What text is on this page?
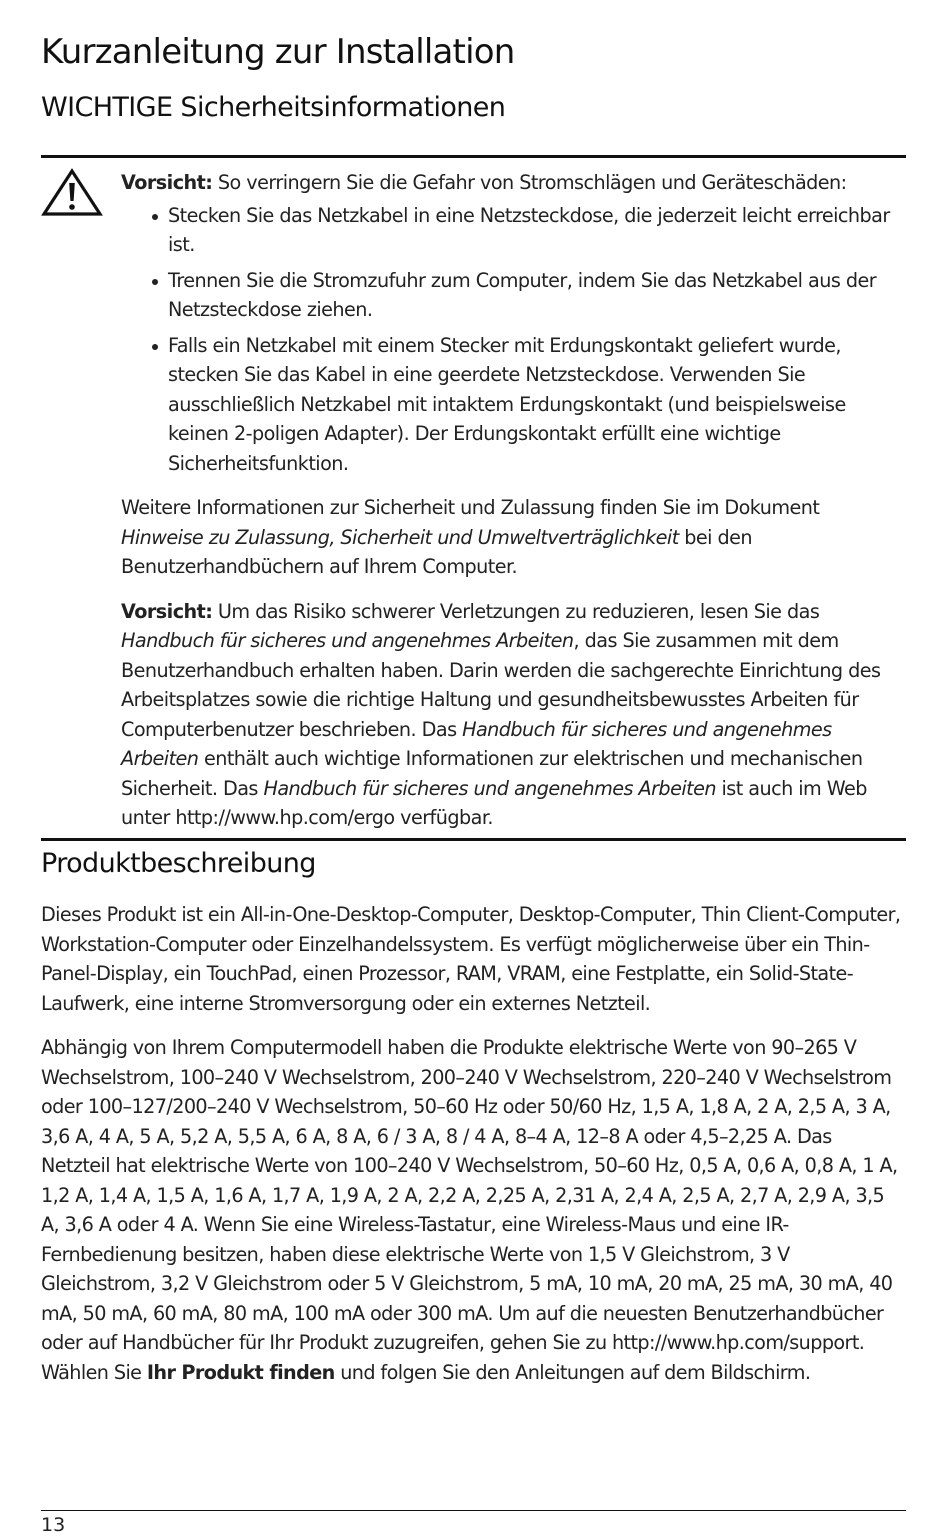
Kurzanleitung zur Installation
WICHTIGE Sicherheitsinformationen

Vorsicht: So verringern Sie die Gefahr von Stromschlägen und Geräteschäden:

Stecken Sie das Netzkabel in eine Netzsteckdose, die jederzeit leicht erreichbar ist.
Trennen Sie die Stromzufuhr zum Computer, indem Sie das Netzkabel aus der Netzsteckdose ziehen.
Falls ein Netzkabel mit einem Stecker mit Erdungskontakt geliefert wurde, stecken Sie das Kabel in eine geerdete Netzsteckdose. Verwenden Sie ausschließlich Netzkabel mit intaktem Erdungskontakt (und beispielsweise keinen 2-poligen Adapter). Der Erdungskontakt erfüllt eine wichtige Sicherheitsfunktion.

Weitere Informationen zur Sicherheit und Zulassung finden Sie im Dokument Hinweise zu Zulassung, Sicherheit und Umweltverträglichkeit bei den Benutzerhandbüchern auf Ihrem Computer.

Vorsicht: Um das Risiko schwerer Verletzungen zu reduzieren, lesen Sie das Handbuch für sicheres und angenehmes Arbeiten, das Sie zusammen mit dem Benutzerhandbuch erhalten haben. Darin werden die sachgerechte Einrichtung des Arbeitsplatzes sowie die richtige Haltung und gesundheitsbewusstes Arbeiten für Computerbenutzer beschrieben. Das Handbuch für sicheres und angenehmes Arbeiten enthält auch wichtige Informationen zur elektrischen und mechanischen Sicherheit. Das Handbuch für sicheres und angenehmes Arbeiten ist auch im Web unter http://www.hp.com/ergo verfügbar.

Produktbeschreibung

Dieses Produkt ist ein All-in-One-Desktop-Computer, Desktop-Computer, Thin Client-Computer, Workstation-Computer oder Einzelhandelssystem. Es verfügt möglicherweise über ein Thin-Panel-Display, ein TouchPad, einen Prozessor, RAM, VRAM, eine Festplatte, ein Solid-State-Laufwerk, eine interne Stromversorgung oder ein externes Netzteil.

Abhängig von Ihrem Computermodell haben die Produkte elektrische Werte von 90–265 V Wechselstrom, 100–240 V Wechselstrom, 200–240 V Wechselstrom, 220–240 V Wechselstrom oder 100–127/200–240 V Wechselstrom, 50–60 Hz oder 50/60 Hz, 1,5 A, 1,8 A, 2 A, 2,5 A, 3 A, 3,6 A, 4 A, 5 A, 5,2 A, 5,5 A, 6 A, 8 A, 6 / 3 A, 8 / 4 A, 8–4 A, 12–8 A oder 4,5–2,25 A. Das Netzteil hat elektrische Werte von 100–240 V Wechselstrom, 50–60 Hz, 0,5 A, 0,6 A, 0,8 A, 1 A, 1,2 A, 1,4 A, 1,5 A, 1,6 A, 1,7 A, 1,9 A, 2 A, 2,2 A, 2,25 A, 2,31 A, 2,4 A, 2,5 A, 2,7 A, 2,9 A, 3,5 A, 3,6 A oder 4 A. Wenn Sie eine Wireless-Tastatur, eine Wireless-Maus und eine IR-Fernbedienung besitzen, haben diese elektrische Werte von 1,5 V Gleichstrom, 3 V Gleichstrom, 3,2 V Gleichstrom oder 5 V Gleichstrom, 5 mA, 10 mA, 20 mA, 25 mA, 30 mA, 40 mA, 50 mA, 60 mA, 80 mA, 100 mA oder 300 mA. Um auf die neuesten Benutzerhandbücher oder auf Handbücher für Ihr Produkt zuzugreifen, gehen Sie zu http://www.hp.com/support. Wählen Sie Ihr Produkt finden und folgen Sie den Anleitungen auf dem Bildschirm.

13
